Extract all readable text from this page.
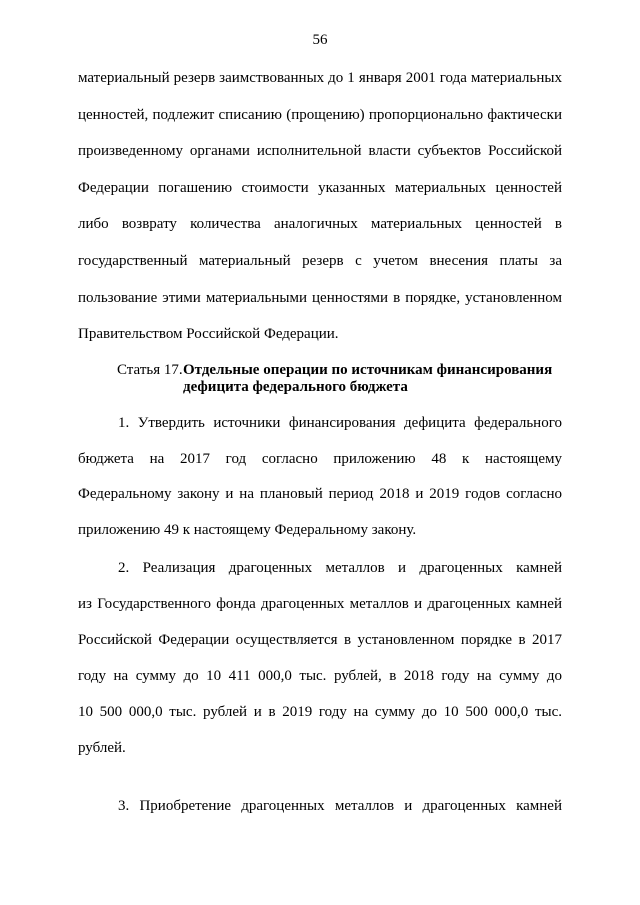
56
материальный резерв заимствованных до 1 января 2001 года материальных
ценностей, подлежит списанию (прощению) пропорционально фактически
произведенному органами исполнительной власти субъектов Российской
Федерации погашению стоимости указанных материальных ценностей
либо возврату количества аналогичных материальных ценностей в
государственный материальный резерв с учетом внесения платы за
пользование этими материальными ценностями в порядке, установленном
Правительством Российской Федерации.
Статья 17. Отдельные операции по источникам финансирования
дефицита федерального бюджета
1. Утвердить источники финансирования дефицита федерального
бюджета на 2017 год согласно приложению 48 к настоящему
Федеральному закону и на плановый период 2018 и 2019 годов согласно
приложению 49 к настоящему Федеральному закону.
2. Реализация драгоценных металлов и драгоценных камней
из Государственного фонда драгоценных металлов и драгоценных камней
Российской Федерации осуществляется в установленном порядке в 2017
году на сумму до 10 411 000,0 тыс. рублей, в 2018 году на сумму до
10 500 000,0 тыс. рублей и в 2019 году на сумму до 10 500 000,0 тыс.
рублей.
3. Приобретение драгоценных металлов и драгоценных камней
